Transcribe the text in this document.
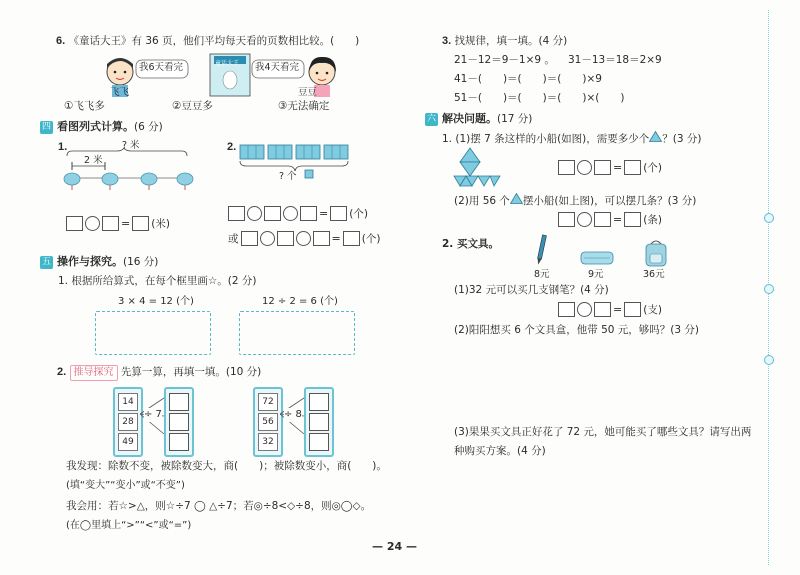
6. 《童话大王》有 36 页，他们平均每天看的页数相比较。(　　)
童话大王
我6天看完	我4天看完
飞飞	豆豆
①飞飞多	②豆豆多	③无法确定
四 看图列式计算。(6 分)
1.	? 米
2 米
= (米)
2.
? 个
= (个)
或	= (个)
五 操作与探究。(16 分)
1. 根据所给算式，在每个框里画☆。(2 分)
3 × 4 = 12 (个)	12 ÷ 2 = 6 (个)
2. 推导探究 先算一算，再填一填。(10 分)
14
28
49
÷ 7
72
56
32
÷ 8
我发现：除数不变，被除数变大，商(　　)；被除数变小，商(　　)。
(填“变大”“变小”或“不变”)
我会用：若☆>△，则☆÷7 ◯ △÷7；若◎÷8<◇÷8，则◎◯◇。
(在◯里填上“>”“<”或“=”)
3. 找规律，填一填。(4 分)
21－12＝9－1×9 。 31－13＝18＝2×9
41－(　　)＝(　　)＝(　　)×9
51－(　　)＝(　　)＝(　　)×(　　)
六 解决问题。(17 分)
1. (1)摆 7 条这样的小船(如图)，需要多少个 ？(3 分)
= (个)
(2)用 56 个 摆小船(如上图)，可以摆几条？(3 分)
= (条)
2. 买文具。
8元	9元	36元
(1)32 元可以买几支钢笔？(4 分)
= (支)
(2)阳阳想买 6 个文具盒，他带 50 元，够吗？(3 分)
(3)果果买文具正好花了 72 元，她可能买了哪些文具？请写出两
种购买方案。(4 分)
— 24 —
